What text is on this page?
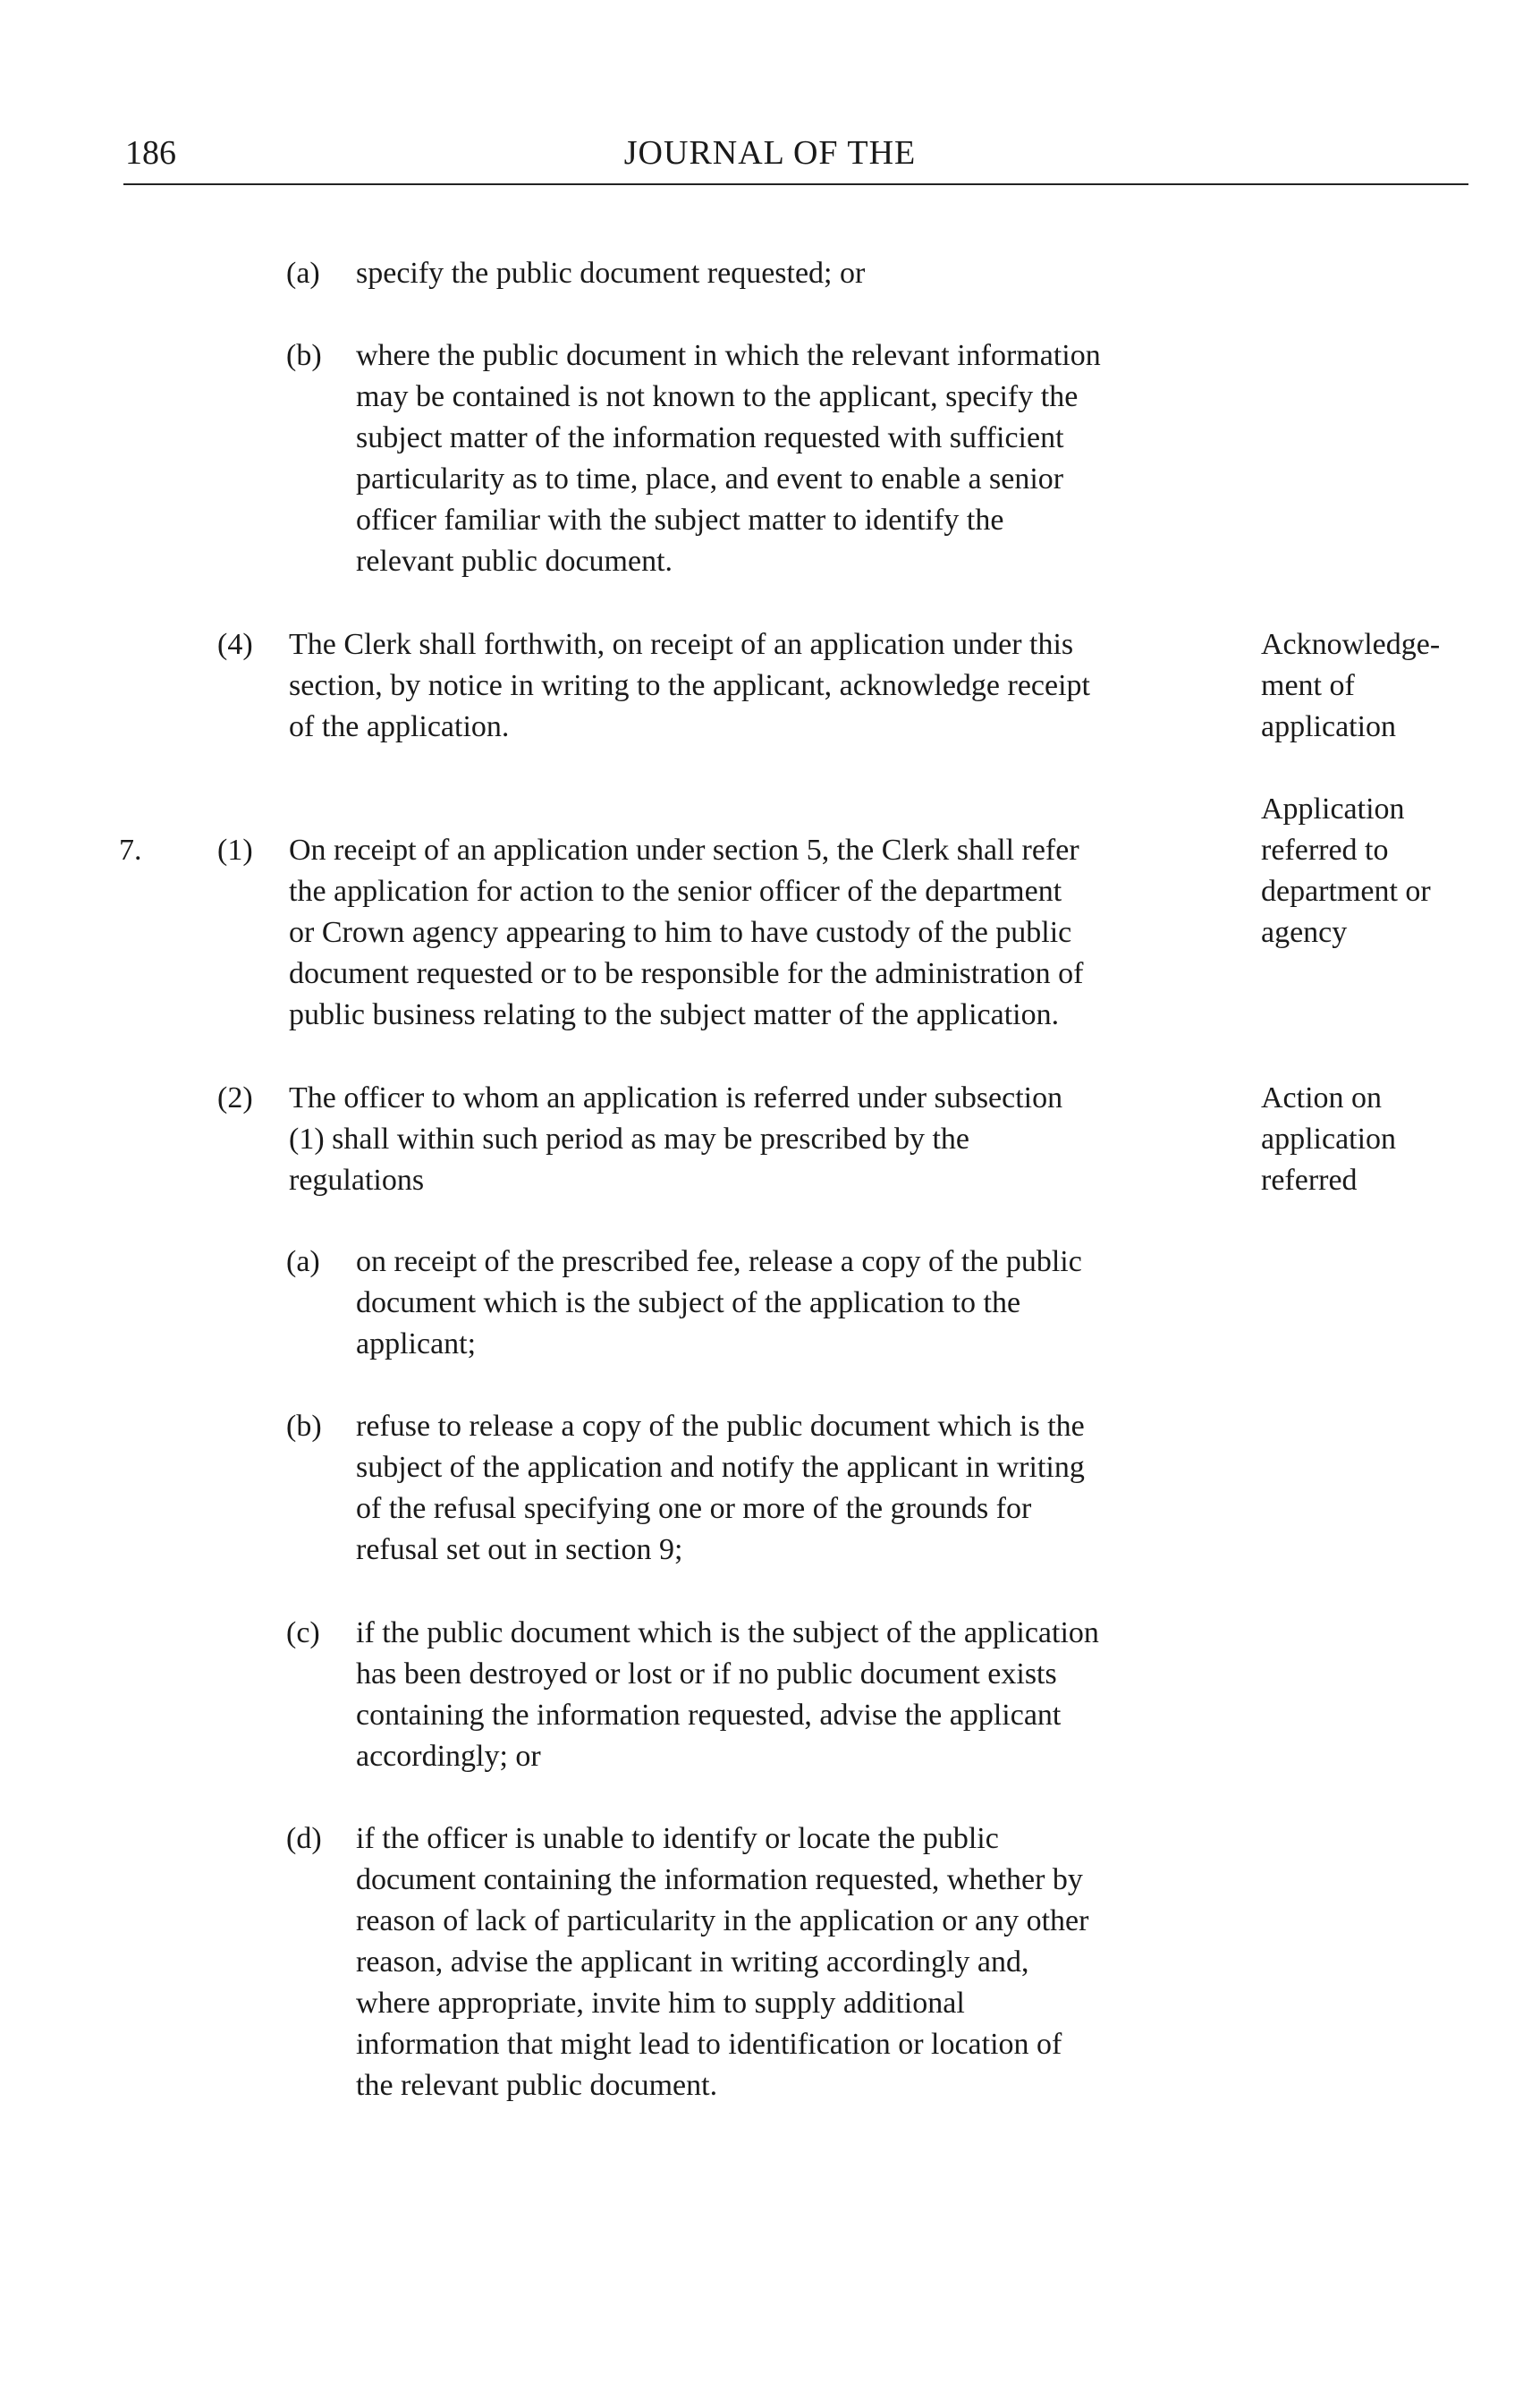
186	JOURNAL OF THE
(a) specify the public document requested; or
(b) where the public document in which the relevant information
may be contained is not known to the applicant, specify the
subject matter of the information requested with sufficient
particularity as to time, place, and event to enable a senior
officer familiar with the subject matter to identify the
relevant public document.
(4) The Clerk shall forthwith, on receipt of an application under this
section, by notice in writing to the applicant, acknowledge receipt
of the application.
7. (1) On receipt of an application under section 5, the Clerk shall refer
the application for action to the senior officer of the department
or Crown agency appearing to him to have custody of the public
document requested or to be responsible for the administration of
public business relating to the subject matter of the application.
(2) The officer to whom an application is referred under subsection
(1) shall within such period as may be prescribed by the
regulations
(a) on receipt of the prescribed fee, release a copy of the public
document which is the subject of the application to the
applicant;
(b) refuse to release a copy of the public document which is the
subject of the application and notify the applicant in writing
of the refusal specifying one or more of the grounds for
refusal set out in section 9;
(c) if the public document which is the subject of the application
has been destroyed or lost or if no public document exists
containing the information requested, advise the applicant
accordingly; or
(d) if the officer is unable to identify or locate the public
document containing the information requested, whether by
reason of lack of particularity in the application or any other
reason, advise the applicant in writing accordingly and,
where appropriate, invite him to supply additional
information that might lead to identification or location of
the relevant public document.
Acknowledge-
ment of
application
Application
referred to
department or
agency
Action on
application
referred
